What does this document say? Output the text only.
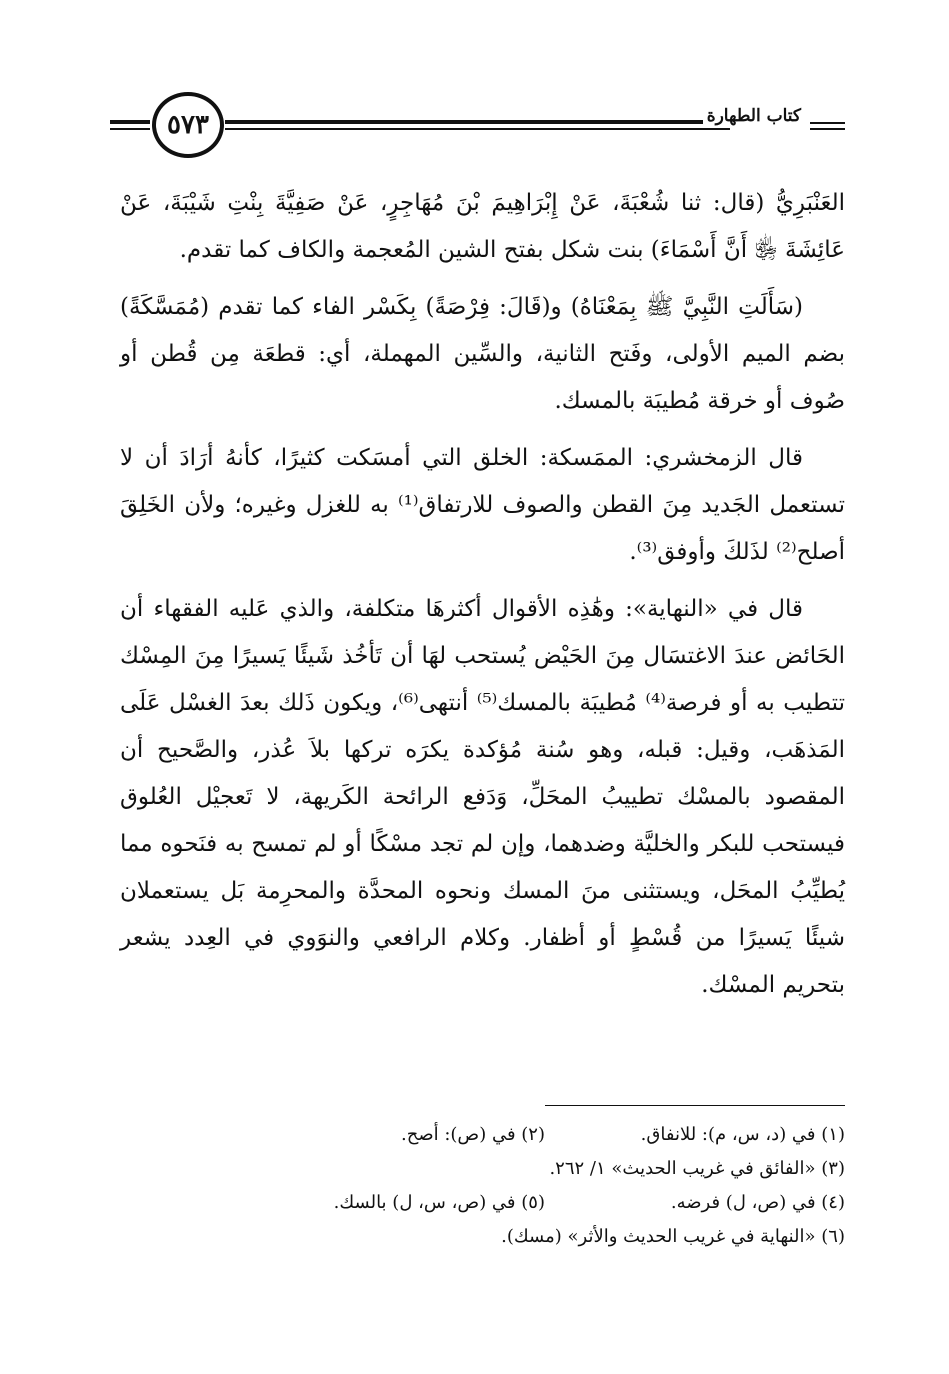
٥٧٣	كتاب الطهارة

العَنْبَرِيُّ (قال: ثنا شُعْبَةَ، عَنْ إِبْرَاهِيمَ بْنَ مُهَاجِرٍ، عَنْ صَفِيَّةَ بِنْتِ شَيْبَةَ، عَنْ عَائِشَةَ ﵂ أَنَّ أَسْمَاءَ) بنت شكل بفتح الشين المُعجمة والكاف كما تقدم.

(سَأَلَتِ النَّبِيَّ ﷺ بِمَعْنَاهُ) و(قَالَ: فِرْصَةً) بِكَسْر الفاء كما تقدم (مُمَسَّكَةً) بضم الميم الأولى، وفَتح الثانية، والسِّين المهملة، أي: قطعَة مِن قُطن أو صُوف أو خرقة مُطيبَة بالمسك.

قال الزمخشري: الممَسكة: الخلق التي أمسَكت كثيرًا، كأنهُ أرَادَ أن لا تستعمل الجَديد مِنَ القطن والصوف للارتفاق⁽¹⁾ به للغزل وغيره؛ ولأن الخَلِقَ أصلح⁽²⁾ لذَلكَ وأوفق⁽³⁾.

قال في «النهاية»: وهَٰذِه الأقوال أكثرهَا متكلفة، والذي عَليه الفقهاء أن الحَائض عندَ الاغتسَال مِنَ الحَيْض يُستحب لهَا أن تَأخُذ شَيئًا يَسيرًا مِنَ المِسْك تتطيب به أو فرصة⁽⁴⁾ مُطيبَة بالمسك⁽⁵⁾ أنتهى⁽⁶⁾، ويكون ذَلك بعدَ الغسْل عَلَى المَذهَب، وقيل: قبله، وهو سُنة مُؤكدة يكرَه تركها بلاَ عُذر، والصَّحيح أن المقصود بالمسْك تطييبُ المحَلِّ، وَدَفع الرائحة الكَريهة، لا تَعجيْل العُلوق فيستحب للبكر والخليَّة وضدهما، وإن لم تجد مسْكًا أو لم تمسح به فنَحوه مما يُطيِّبُ المحَل، ويستثنى منَ المسك ونحوه المحدَّة والمحرِمة بَل يستعملان شيئًا يَسيرًا من قُسْطٍ أو أظفار. وكلام الرافعي والنوَوي في العِدد يشعر بتحريم المسْك.

(١) في (د، س، م): للانفاق.
(٢) في (ص): أصح.
(٣) «الفائق في غريب الحديث» ١/ ٢٦٢.
(٤) في (ص، ل) فرضه.
(٥) في (ص، س، ل) بالسك.
(٦) «النهاية في غريب الحديث والأثر» (مسك).
